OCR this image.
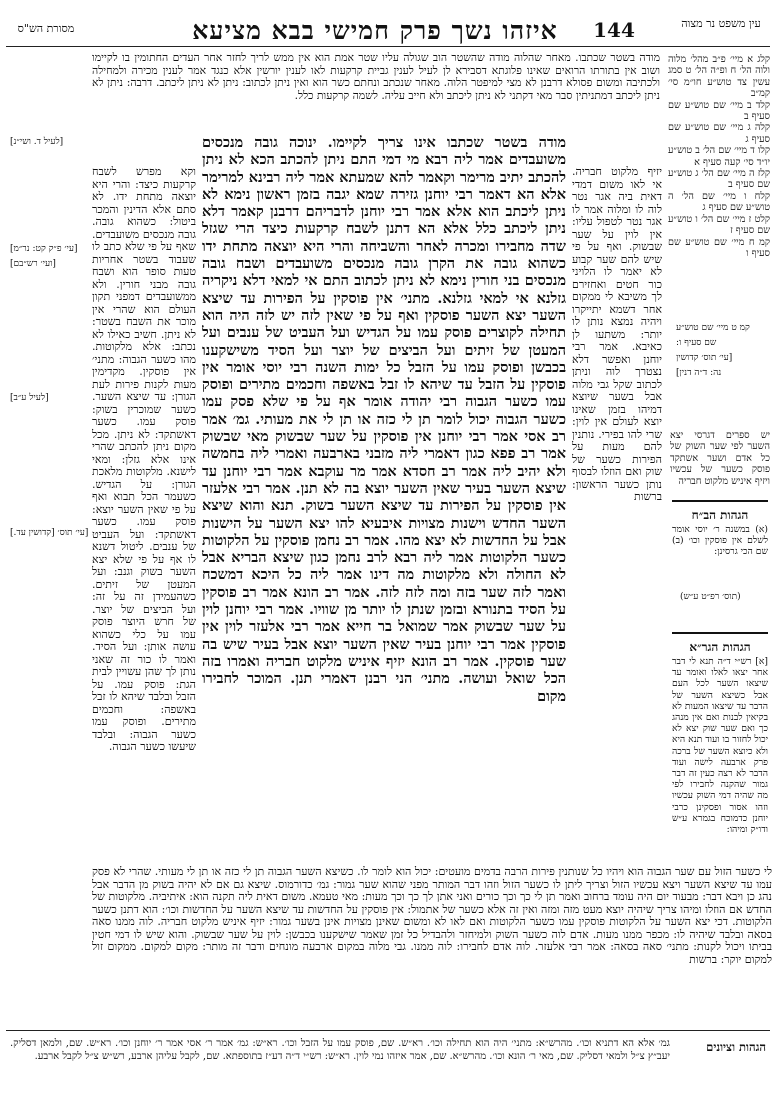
עין משפט נר מצוה
144
איזהו נשך פרק חמישי בבא מציעא
מסורת הש"ס
מודה בשטר שכתבו. מאחר שהלוה מודה שהשטר הוב שגולה עליו שטר אמת הוא אין ממש לריך לחזר אחר העדים החתומין בו לקיימו ושוב אין בתורתו הרואים שאינו פלוגתא דסבירא לן לעיל לענין גביית קרקעות לאו לענין יורשין אלא כנגד אמר לענין מכירה ולמחילה ולכתיבה ומשום פסולא דרבנן לא מצי למיפטר הלוה. מאחר שנכתב ונחתם כשר הוא ואין ניתן לכתוב: ניתן לא ניתן ליכתב. דרבה: ניתן לא ניתן ליכתב דמתניתין סבר מאי דקתני לא ניתן ליכתב ולא חייב עליה. לשמה קרקעות כלל.
יזיף מלקוט חבריה. אי לאו משום דמדי דאית ביה אגר נטר לוה לו ומלוה אמר לו אגר נטר לטפול עליו: אין לוין על שער שבשוק. ואף על פי שיש להם שער קבוע לא יאמר לו הלויני כור חטים ואחזירם לך משיבא לי ממקום אחר דשמא יתייקרו ויהיה נמצא נותן לו יותר: משתעו לן כאיבא. אמר רבי יוחנן ואפשר דלא נצטרך לוה וניתן לכתוב שקל גבי מלוה אבל בשער שיוצא דמיהו בזמן שאינו יוצא לעולם אין לוין: שרי להו בפירי. נותנין להם מעות על הפירות כשער של שוק ואם הוזלו לבסוף נותן כשער הראשון: ברשות
מודה בשטר שכתבו אינו צריך לקיימו. ינוכה גובה מנכסים משועבדים אמר ליה רבא מי דמי התם ניתן להכתב הכא לא ניתן להכתב יתיב מרימר וקאמר להא שמעתא אמר ליה רבינא למרימר אלא הא דאמר רבי יוחנן גזירה שמא יגבה בזמן ראשון נימא לא ניתן ליכתב הוא אלא אמר רבי יוחנן לדבריהם דרבנן קאמר דלא ניתן ליכתב כלל אלא הא דתנן לשבח קרקעות כיצד הרי שגזל שדה מחבירו ומכרה לאחר והשביחה והרי היא יוצאה מתחת ידו כשהוא גובה את הקרן גובה מנכסים משועבדים ושבח גובה מנכסים בני חורין נימא לא ניתן לכתוב התם אי למאי דלא ניקריה גזלנא אי למאי גזלנא. מתני׳ אין פוסקין על הפירות עד שיצא השער יצא השער פוסקין ואף על פי שאין לזה יש לזה היה הוא תחילה לקוצרים פוסק עמו על הגדיש ועל העביט של ענבים ועל המעטן של זיתים ועל הביצים של יוצר ועל הסיד משישקענו בכבשן ופוסק עמו על הזבל כל ימות השנה רבי יוסי אומר אין פוסקין על הזבל עד שיהא לו זבל באשפה וחכמים מתירים ופוסק עמו כשער הגבוה רבי יהודה אומר אף על פי שלא פסק עמו כשער הגבוה יכול לומר תן לי כזה או תן לי את מעותי. גמ׳ אמר רב אסי אמר רבי יוחנן אין פוסקין על שער שבשוק מאי שבשוק אמר רב פפא כגון דאמרי ליה מזבני בארבעה ואמרי ליה בחמשה ולא יהיב ליה אמר רב חסדא אמר מר עוקבא אמר רבי יוחנן עד שיצא השער בעיר שאין השער יוצא בה לא תנן. אמר רבי אלעזר אין פוסקין על הפירות עד שיצא השער בשוק. תנא והוא שיצא השער החדש וישנות מצויות איבעיא להו יצא השער על הישנות אבל על החדשות לא יצא מהו. אמר רב נחמן פוסקין על הלקוטות כשער הלקוטות אמר ליה רבא לרב נחמן כגון שיצא הבריא אבל לא החולה ולא מלקוטות מה דינו אמר ליה כל היכא דמשכח ואמר לזה שער בזה ומה לזה לזה. אמר רב הונא אמר רב פוסקין על הסיד בתנורא ובזמן שנתן לו יותר מן שוויו. אמר רבי יוחנן לוין על שער שבשוק אמר שמואל בר חייא אמר רבי אלעזר לוין אין פוסקין אמר רבי יוחנן בעיר שאין השער יוצא אבל בעיר שיש בה שער פוסקין. אמר רב הונא יזיף איניש מלקוט חבריה ואמרו בזה הכל שואל ועושה. מתני׳ הני רבנן דאמרי תנן. המוכר לחבירו מקום
וקא מפרש לשבח קרקעות כיצד: והרי היא יוצאה מתחת ידו. לא סתם אלא הדינין והמכר ביטול: כשהוא גובה. גובה מנכסים משועבדים. שאף על פי שלא כתב לו שעבוד בשטר אחריות טעות סופר הוא ושבח גובה מבני חורין. ולא ממשועבדים דמפני תקון העולם הוא שהרי אין מוכר את השבח בשטר: לא ניתן. חשיב כאילו לא נכתב: אלא מלקוטות. מהו כשער הגבוה: מתני׳ אין פוסקין. מקדימין מעות לקנות פירות לעת הגורן: עד שיצא השער. כשער שמוכרין בשוק: פוסק עמו. כשער דאשתקד: לא ניתן. מכל מקום ניתן להכתב שהרי אינו אלא גזלן: ומאי לישנא. מלקוטות מלאכת הגורן: על הגדיש. כשעמר הכל תבוא ואף על פי שאין השער יוצא: פוסק עמו. כשער דאשתקד: ועל העביט של ענבים. ליטול דשנא לו אף על פי שלא יצא השער בשוק וגנב: ועל המעטן של זיתים. כשהעמידן זה על זה: ועל הביצים של יוצר. של חרש היוצר פוסק עמו על כלי כשהוא עושה אותן: ועל הסיד. ואמר לו כור זה שאני נותן לך שהן עשויין לבית הגת: פוסק עמו. על הזבל ובלבד שיהא לו זבל באשפה: וחכמים מתירים. ופוסק עמו כשער הגבוה: ובלבד שיעשו כשער הגבוה.

קלג א מיי׳ פ״ב מהל׳ מלוה ולוה הל׳ ח ופ״ה הל׳ ט סמג עשין צד טוש״ע חו״מ סי׳ קמ״ב

קלד ב מיי׳ שם טוש״ע שם סעיף ב

קלה ג מיי׳ שם טוש״ע שם סעיף ג

קלו ד מיי׳ שם הל׳ ב טוש״ע יו״ד סי׳ קעה סעיף א

קלז ה מיי׳ שם הל׳ ג טוש״ע שם סעיף ב

קלח ו מיי׳ שם הל׳ ה טוש״ע שם סעיף ג

קלט ז מיי׳ שם הל׳ ו טוש״ע שם סעיף ז

קמ ח מיי׳ שם טוש״ע שם סעיף ו

יש ספרים דגרסי יצא השער לפי שער השוק של כל אדם ושער אשתקד פוסק כשער של עכשיו ויזיף איניש מלקוט חבריה
הגהות הב״ח
(א) במשנה ר׳ יוסי אומר לשלם אין פוסקין וכו׳ (ב) שם הכי גרסינן:
(תוס׳ רפ״ט ע״ש)
הגהות הגר״א
[א] רש״י ד״ה תנא לי דבר אחר יצאו לאלו ואומר עד שיצאו השער לכל העם אבל כשיצא השער של הדבר עד שיצאו המעות לא בקיאין לבנות ואם אין מנהג כך ואם שער שוק יצא לא יכול לחזור בו ועוד תנא היא ולא כיוצא השער של ברכה פרק ארבעה לישה ועוד הדבר לא רצה כעין זה דבר גמור שהקנה לחבירו לפי מה שהיה דמי השוק עכשיו וזהו אסור ופסקינן כרבי יוחנן כדמוכח בגמרא ע״ש ודו״ק ומיהו:
[לעיל ד. ושי״נ]
[עי׳ פ״ק קט: נר״מ]
[ועי׳ רש״בם]
[לעיל ע״ב]
[עי׳ תוס׳ [קדושין עד.]
קמ ט מיי׳ שם טוש״ע
שם סעיף ו:
[עי׳ תוס׳ קדושין
נה: ד״ה דנין]
לי כשער הזול עם שער הגבוה הוא ויהיו כל שנותנין פירות הרבה בדמים מועטים: יכול הוא לומר לו. כשיצא השער הגבוה תן לי כזה או תן לי מעותי. שהרי לא פסק עמו עד שיצא השער ויצא עכשיו הזול וצריך ליתן לו כשער הזול וזהו דבר המותר מפני שהוא שער גמור: גמ׳ כדורמוס. שיצא גם אם לא יהיה בשוק מן הדבר אבל נהג כן ויבא דבר: מבעוד יום היה עומד ברחוב ואמר תן לי כך וכך כורים ואני אתן לך כך וכך מעות: מאי טעמא. משום דאית ליה תקנה הוא: איתיביה. מלקוטות של החדש אם הוזלו ומיהו צריך שיהיה יוצא מעט מזה ומזה ואין זה אלא כשער של אתמול: אין פוסקין על החדשות עד שיצא השער על החדשות וכו׳: הוא דתנן כשער הלקוטות. דכי יצא השער על הלקוטות פוסקין עמו כשער הלקוטות ואם לאו לא ומשום שאינן מצויות אינן בשער גמור: יזיף איניש מלקוט חבריה. לוה ממנו סאה בסאה ובלבד שיהיה לו: מכפר ממנו מעות. אדם לוה כשער השוק ולמיחזר ולהבדיל כל זמן שאמר שישקענו בכבשן: לוין על שער שבשוק. והוא שיש לו דמי חטין בביתו ויכול לקנות: מתני׳ סאה בסאה: אמר רבי אלעזר. לוה אדם לחבירו: לוה ממנו. גבי מלוה במקום ארבעה מונחים ודבר זה מותר: מקום למקום. ממקום זול למקום יוקר: ברשות
הגהות וציונים
גמ׳ אלא הא דתניא וכו׳. מהרש״א: מתני׳ היה הוא תחילה וכו׳. רא״ש. שם, פוסק עמו על הזבל וכו׳. רא״ש: גמ׳ אמר ר׳ אסי אמר ר׳ יוחנן וכו׳. רא״ש. שם, ולמאן דסליק. יעב״ץ צ״ל ולמאי דסליק. שם, מאי ר׳ הונא וכו׳. מהרש״א. שם, אמר איזהו נמי לוין. רא״ש: רש״י ד״ה דע״ז בתוספתא. שם, לקבל עליהן ארבע, רש״ש צ״ל לקבל ארבע.
